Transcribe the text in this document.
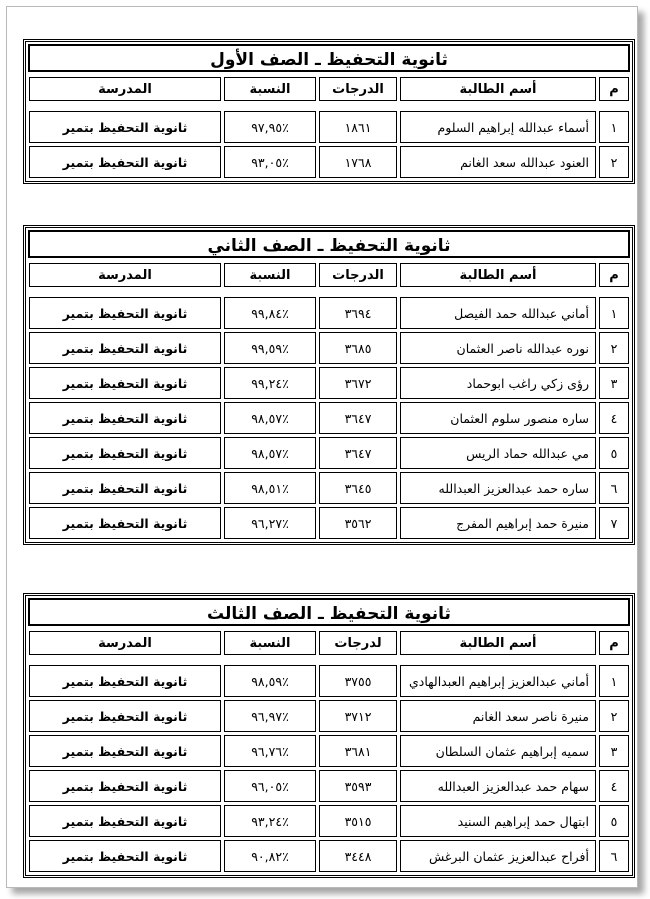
ثانوية التحفيظ ـ الصف الأول
م	أسم الطالبة	الدرجات	النسبة	المدرسة

١	أسماء عبدالله إبراهيم السلوم	١٨٦١	٪٩٧,٩٥	ثانوية التحفيظ بتمير
٢	العنود عبدالله سعد الغانم	١٧٦٨	٪٩٣,٠٥	ثانوية التحفيظ بتمير
ثانوية التحفيظ ـ الصف الثاني
م	أسم الطالبة	الدرجات	النسبة	المدرسة

١	أماني عبدالله حمد الفيصل	٣٦٩٤	٪٩٩,٨٤	ثانوية التحفيظ بتمير
٢	نوره عبدالله ناصر العثمان	٣٦٨٥	٪٩٩,٥٩	ثانوية التحفيظ بتمير
٣	رؤى زكي راغب ابوحماد	٣٦٧٢	٪٩٩,٢٤	ثانوية التحفيظ بتمير
٤	ساره منصور سلوم العثمان	٣٦٤٧	٪٩٨,٥٧	ثانوية التحفيظ بتمير
٥	مي عبدالله حماد الريس	٣٦٤٧	٪٩٨,٥٧	ثانوية التحفيظ بتمير
٦	ساره حمد عبدالعزيز العبدالله	٣٦٤٥	٪٩٨,٥١	ثانوية التحفيظ بتمير
٧	منيرة حمد إبراهيم المفرج	٣٥٦٢	٪٩٦,٢٧	ثانوية التحفيظ بتمير
ثانوية التحفيظ ـ الصف الثالث
م	أسم الطالبة	لدرجات	النسبة	المدرسة

١	أماني عبدالعزيز إبراهيم العبدالهادي	٣٧٥٥	٪٩٨,٥٩	ثانوية التحفيظ بتمير
٢	منيرة ناصر سعد الغانم	٣٧١٢	٪٩٦,٩٧	ثانوية التحفيظ بتمير
٣	سميه إبراهيم عثمان السلطان	٣٦٨١	٪٩٦,٧٦	ثانوية التحفيظ بتمير
٤	سهام حمد عبدالعزيز العبدالله	٣٥٩٣	٪٩٦,٠٥	ثانوية التحفيظ بتمير
٥	ابتهال حمد إبراهيم السنيد	٣٥١٥	٪٩٣,٢٤	ثانوية التحفيظ بتمير
٦	أفراح عبدالعزيز عثمان البرغش	٣٤٤٨	٪٩٠,٨٢	ثانوية التحفيظ بتمير
